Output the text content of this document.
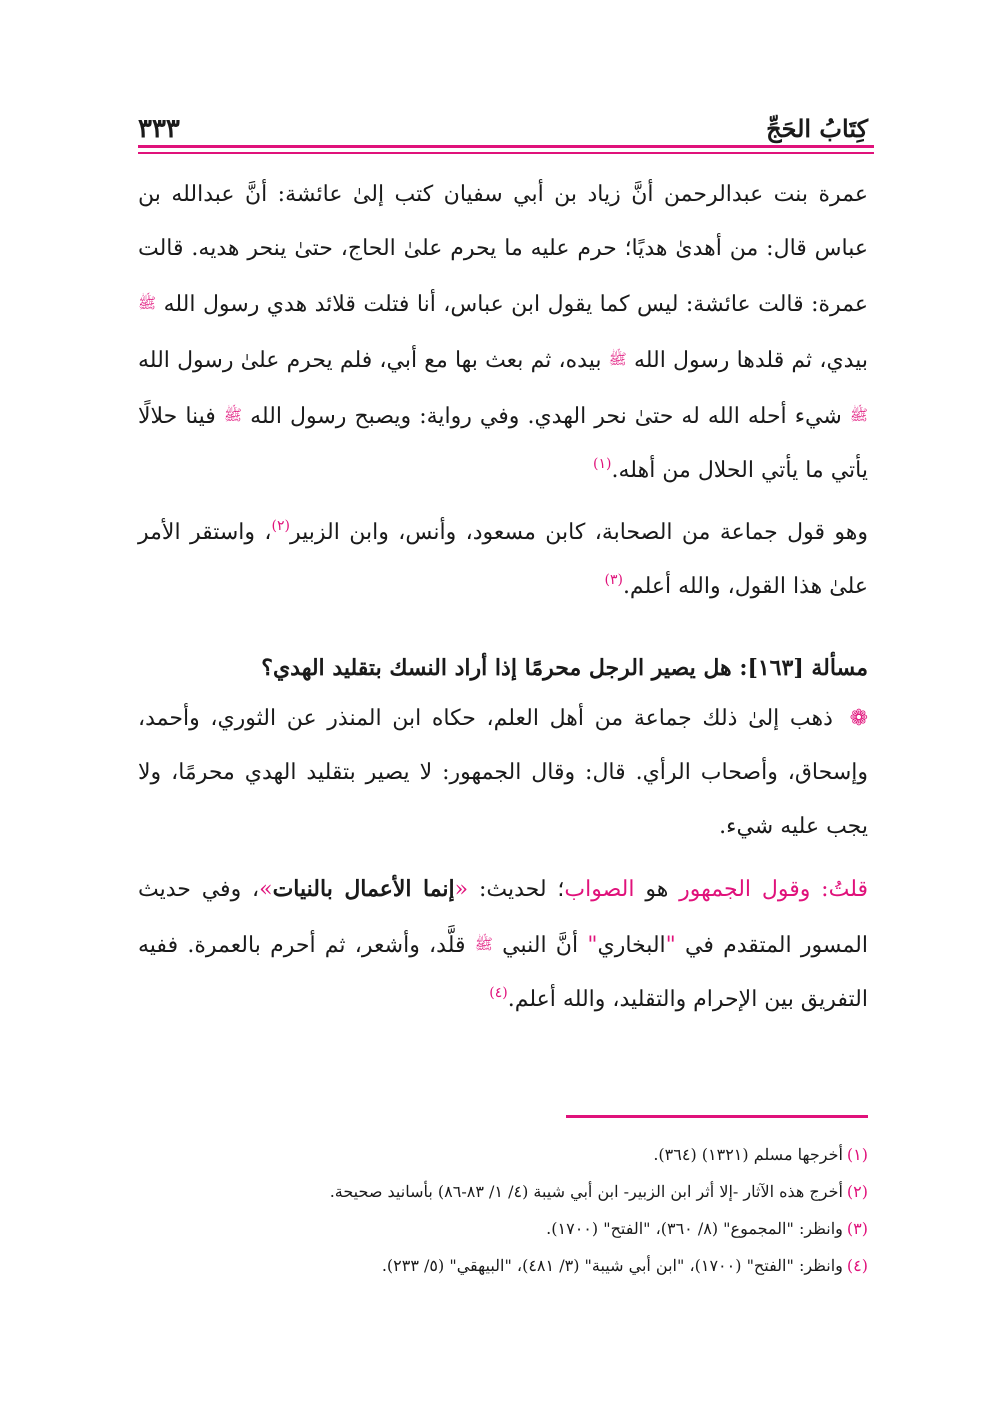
كِتَابُ الحَجِّ
٣٣٣

عمرة بنت عبدالرحمن أنَّ زياد بن أبي سفيان كتب إلىٰ عائشة: أنَّ عبدالله بن عباس قال: من أهدىٰ هديًا؛ حرم عليه ما يحرم علىٰ الحاج، حتىٰ ينحر هديه. قالت عمرة: قالت عائشة: ليس كما يقول ابن عباس، أنا فتلت قلائد هدي رسول الله ﷺ بيدي، ثم قلدها رسول الله ﷺ بيده، ثم بعث بها مع أبي، فلم يحرم علىٰ رسول الله ﷺ شيء أحله الله له حتىٰ نحر الهدي. وفي رواية: ويصبح رسول الله ﷺ فينا حلالًا يأتي ما يأتي الحلال من أهله.$^{(١)}$

وهو قول جماعة من الصحابة، كابن مسعود، وأنس، وابن الزبير$^{(٢)}$، واستقر الأمر علىٰ هذا القول، والله أعلم.$^{(٣)}$

مسألة [١٦٣]: هل يصير الرجل محرمًا إذا أراد النسك بتقليد الهدي؟

❁ ذهب إلىٰ ذلك جماعة من أهل العلم، حكاه ابن المنذر عن الثوري، وأحمد، وإسحاق، وأصحاب الرأي. قال: وقال الجمهور: لا يصير بتقليد الهدي محرمًا، ولا يجب عليه شيء.

قلتُ: وقول الجمهور هو الصواب؛ لحديث: «إنما الأعمال بالنيات»، وفي حديث المسور المتقدم في "البخاري" أنَّ النبي ﷺ قلَّد، وأشعر، ثم أحرم بالعمرة. ففيه التفريق بين الإحرام والتقليد، والله أعلم.$^{(٤)}$

(١)أخرجها مسلم (١٣٢١) (٣٦٤).

(٢)أخرج هذه الآثار -إلا أثر ابن الزبير- ابن أبي شيبة (٤/ ١/ ٨٣-٨٦) بأسانيد صحيحة.

(٣)وانظر: "المجموع" (٨/ ٣٦٠)، "الفتح" (١٧٠٠).

(٤)وانظر: "الفتح" (١٧٠٠)، "ابن أبي شيبة" (٣/ ٤٨١)، "البيهقي" (٥/ ٢٣٣).
